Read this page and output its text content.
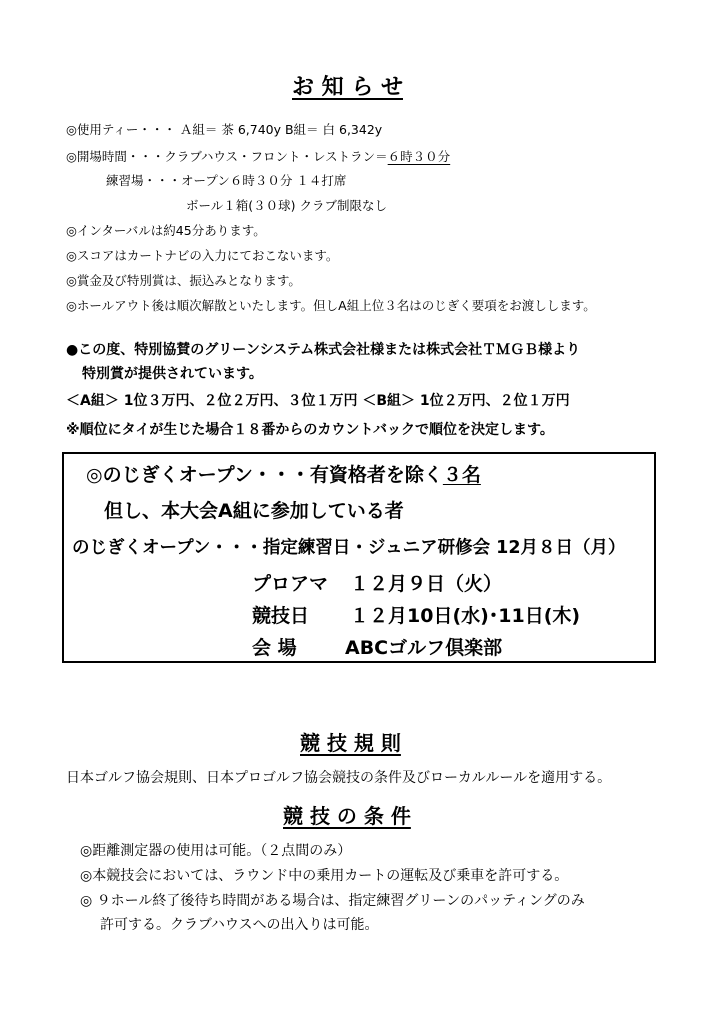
お 知 ら せ
◎使用ティー・・・ Ａ組＝ 茶 6,740y B組＝ 白 6,342y
◎開場時間・・・クラブハウス・フロント・レストラン＝６時３０分
練習場・・・オープン６時３０分 １４打席
ボール１箱(３０球) クラブ制限なし
◎インターバルは約45分あります。
◎スコアはカートナビの入力にておこないます。
◎賞金及び特別賞は、振込みとなります。
◎ホールアウト後は順次解散といたします。但しA組上位３名はのじぎく要項をお渡しします。
●この度、特別協賛のグリーンシステム株式会社様または株式会社ＴＭＧＢ様より
特別賞が提供されています。
＜A組＞ 1位３万円、２位２万円、３位１万円 ＜B組＞ 1位２万円、２位１万円
※順位にタイが生じた場合１８番からのカウントバックで順位を決定します。
◎のじぎくオープン・・・有資格者を除く３名
但し、本大会A組に参加している者
のじぎくオープン・・・指定練習日・ジュニア研修会 12月８日（月）
プロアマ １２月９日（火）
競技日 １２月10日(水)･11日(木)
会 場	ABCゴルフ倶楽部
競 技 規 則
日本ゴルフ協会規則、日本プロゴルフ協会競技の条件及びローカルルールを適用する。
競 技 の 条 件
◎距離測定器の使用は可能。（２点間のみ）
◎本競技会においては、ラウンド中の乗用カートの運転及び乗車を許可する。
◎ ９ホール終了後待ち時間がある場合は、指定練習グリーンのパッティングのみ
許可する。クラブハウスへの出入りは可能。
